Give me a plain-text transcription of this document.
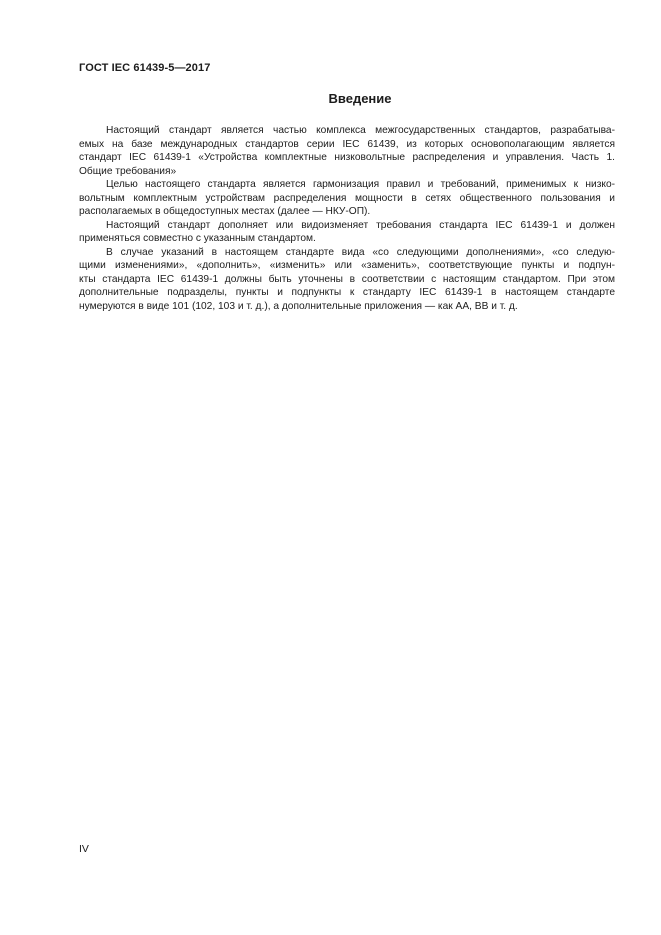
ГОСТ IEC 61439-5—2017
Введение

Настоящий стандарт является частью комплекса межгосударственных стандартов, разрабатыва-
емых на базе международных стандартов серии IEC 61439, из которых основополагающим является
стандарт IEC 61439-1 «Устройства комплектные низковольтные распределения и управления. Часть 1.
Общие требования»

Целью настоящего стандарта является гармонизация правил и требований, применимых к низко-
вольтным комплектным устройствам распределения мощности в сетях общественного пользования и
располагаемых в общедоступных местах (далее — НКУ-ОП).

Настоящий стандарт дополняет или видоизменяет требования стандарта IEC 61439-1 и должен
применяться совместно с указанным стандартом.

В случае указаний в настоящем стандарте вида «со следующими дополнениями», «со следую-
щими изменениями», «дополнить», «изменить» или «заменить», соответствующие пункты и подпун-
кты стандарта IEC 61439-1 должны быть уточнены в соответствии с настоящим стандартом. При этом
дополнительные подразделы, пункты и подпункты к стандарту IEC 61439-1 в настоящем стандарте
нумеруются в виде 101 (102, 103 и т. д.), а дополнительные приложения — как AA, BB и т. д.

IV
